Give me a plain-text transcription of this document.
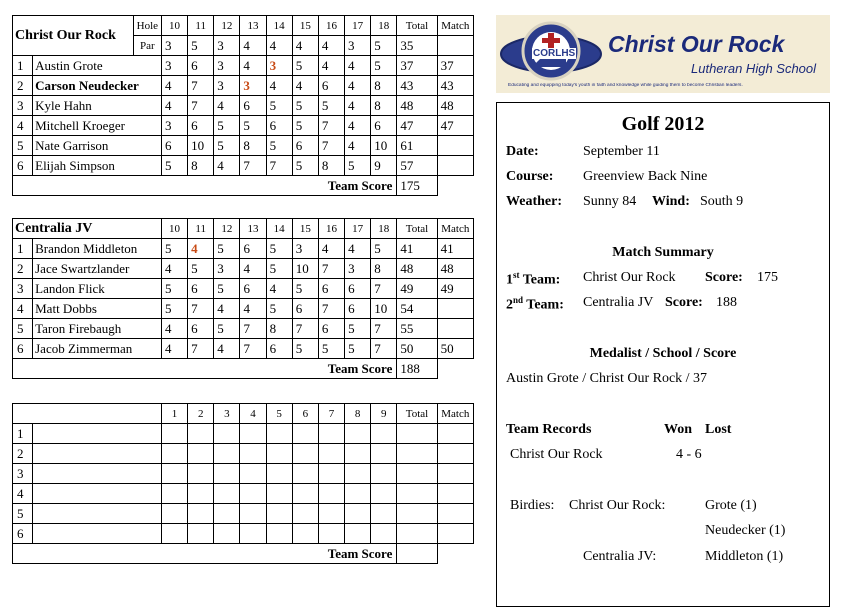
Christ Our Rock		Hole	10	11	12	13	14	15	16	17	18	Total	Match
		Par	3	5	3	4	4	4	4	3	5	35	
1	Austin Grote		3	6	3	4	3	5	4	4	5	37	37
2	Carson Neudecker		4	7	3	3	4	4	6	4	8	43	43
3	Kyle Hahn		4	7	4	6	5	5	5	4	8	48	48
4	Mitchell Kroeger		3	6	5	5	6	5	7	4	6	47	47
5	Nate Garrison		6	10	5	8	5	6	7	4	10	61	
6	Elijah Simpson		5	8	4	7	7	5	8	5	9	57	
Team Score												175	
Centralia JV		10	11	12	13	14	15	16	17	18	Total	Match
1	Brandon Middleton	5	4	5	6	5	3	4	4	5	41	41
2	Jace Swartzlander	4	5	3	4	5	10	7	3	8	48	48
3	Landon Flick	5	6	5	6	4	5	6	6	7	49	49
4	Matt Dobbs	5	7	4	4	5	6	7	6	10	54	
5	Taron Firebaugh	4	6	5	7	8	7	6	5	7	55	
6	Jacob Zimmerman	4	7	4	7	6	5	5	5	7	50	50
Team Score											188	
		1	2	3	4	5	6	7	8	9	Total	Match
1												
2												
3												
4												
5												
6												
Team Score												
CORLHS Christ Our Rock
Lutheran High School
Educating and equipping today's youth in faith and knowledge while guiding them to become Christian leaders.
Golf 2012
Date:	September 11
Course: Greenview Back Nine
Weather: Sunny 84 Wind: South 9
Match Summary
1st Team: Christ Our Rock Score: 175
2nd Team: Centralia JV Score: 188
Medalist / School / Score
Austin Grote / Christ Our Rock / 37
Team Records	Won Lost
Christ Our Rock	4 - 6
Birdies: Christ Our Rock:	Grote (1)
Neudecker (1)
Centralia JV:	Middleton (1)
